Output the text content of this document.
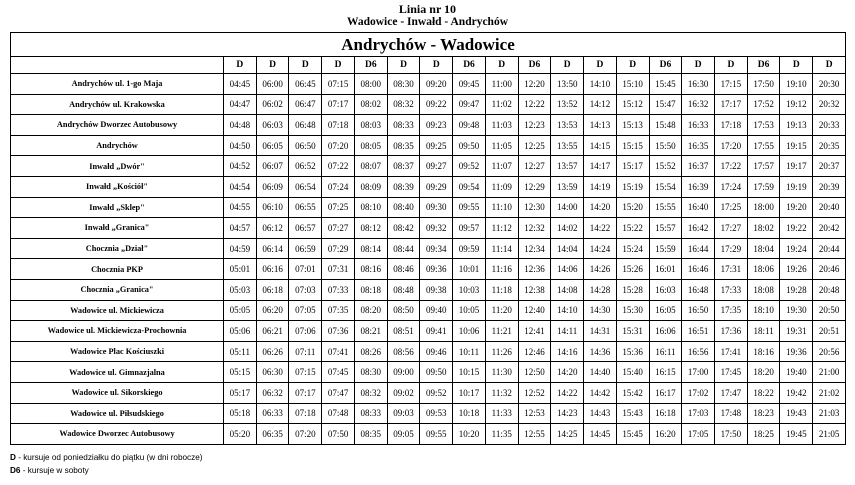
Linia nr 10
Wadowice - Inwałd - Andrychów
Andrychów - Wadowice																			
	D	D	D	D	D6	D	D	D6	D	D6	D	D	D	D6	D	D	D6	D	D
Andrychów ul. 1-go Maja	04:45	06:00	06:45	07:15	08:00	08:30	09:20	09:45	11:00	12:20	13:50	14:10	15:10	15:45	16:30	17:15	17:50	19:10	20:30
Andrychów ul. Krakowska	04:47	06:02	06:47	07:17	08:02	08:32	09:22	09:47	11:02	12:22	13:52	14:12	15:12	15:47	16:32	17:17	17:52	19:12	20:32
Andrychów Dworzec Autobusowy	04:48	06:03	06:48	07:18	08:03	08:33	09:23	09:48	11:03	12:23	13:53	14:13	15:13	15:48	16:33	17:18	17:53	19:13	20:33
Andrychów	04:50	06:05	06:50	07:20	08:05	08:35	09:25	09:50	11:05	12:25	13:55	14:15	15:15	15:50	16:35	17:20	17:55	19:15	20:35
Inwałd „Dwór"	04:52	06:07	06:52	07:22	08:07	08:37	09:27	09:52	11:07	12:27	13:57	14:17	15:17	15:52	16:37	17:22	17:57	19:17	20:37
Inwałd „Kościół"	04:54	06:09	06:54	07:24	08:09	08:39	09:29	09:54	11:09	12:29	13:59	14:19	15:19	15:54	16:39	17:24	17:59	19:19	20:39
Inwałd „Sklep"	04:55	06:10	06:55	07:25	08:10	08:40	09:30	09:55	11:10	12:30	14:00	14:20	15:20	15:55	16:40	17:25	18:00	19:20	20:40
Inwałd „Granica"	04:57	06:12	06:57	07:27	08:12	08:42	09:32	09:57	11:12	12:32	14:02	14:22	15:22	15:57	16:42	17:27	18:02	19:22	20:42
Chocznia „Dział"	04:59	06:14	06:59	07:29	08:14	08:44	09:34	09:59	11:14	12:34	14:04	14:24	15:24	15:59	16:44	17:29	18:04	19:24	20:44
Chocznia PKP	05:01	06:16	07:01	07:31	08:16	08:46	09:36	10:01	11:16	12:36	14:06	14:26	15:26	16:01	16:46	17:31	18:06	19:26	20:46
Chocznia „Granica"	05:03	06:18	07:03	07:33	08:18	08:48	09:38	10:03	11:18	12:38	14:08	14:28	15:28	16:03	16:48	17:33	18:08	19:28	20:48
Wadowice ul. Mickiewicza	05:05	06:20	07:05	07:35	08:20	08:50	09:40	10:05	11:20	12:40	14:10	14:30	15:30	16:05	16:50	17:35	18:10	19:30	20:50
Wadowice ul. Mickiewicza-Prochownia	05:06	06:21	07:06	07:36	08:21	08:51	09:41	10:06	11:21	12:41	14:11	14:31	15:31	16:06	16:51	17:36	18:11	19:31	20:51
Wadowice Plac Kościuszki	05:11	06:26	07:11	07:41	08:26	08:56	09:46	10:11	11:26	12:46	14:16	14:36	15:36	16:11	16:56	17:41	18:16	19:36	20:56
Wadowice ul. Gimnazjalna	05:15	06:30	07:15	07:45	08:30	09:00	09:50	10:15	11:30	12:50	14:20	14:40	15:40	16:15	17:00	17:45	18:20	19:40	21:00
Wadowice ul. Sikorskiego	05:17	06:32	07:17	07:47	08:32	09:02	09:52	10:17	11:32	12:52	14:22	14:42	15:42	16:17	17:02	17:47	18:22	19:42	21:02
Wadowice ul. Piłsudskiego	05:18	06:33	07:18	07:48	08:33	09:03	09:53	10:18	11:33	12:53	14:23	14:43	15:43	16:18	17:03	17:48	18:23	19:43	21:03
Wadowice Dworzec Autobusowy	05:20	06:35	07:20	07:50	08:35	09:05	09:55	10:20	11:35	12:55	14:25	14:45	15:45	16:20	17:05	17:50	18:25	19:45	21:05
D - kursuje od poniedziałku do piątku (w dni robocze)
D6 - kursuje w soboty
